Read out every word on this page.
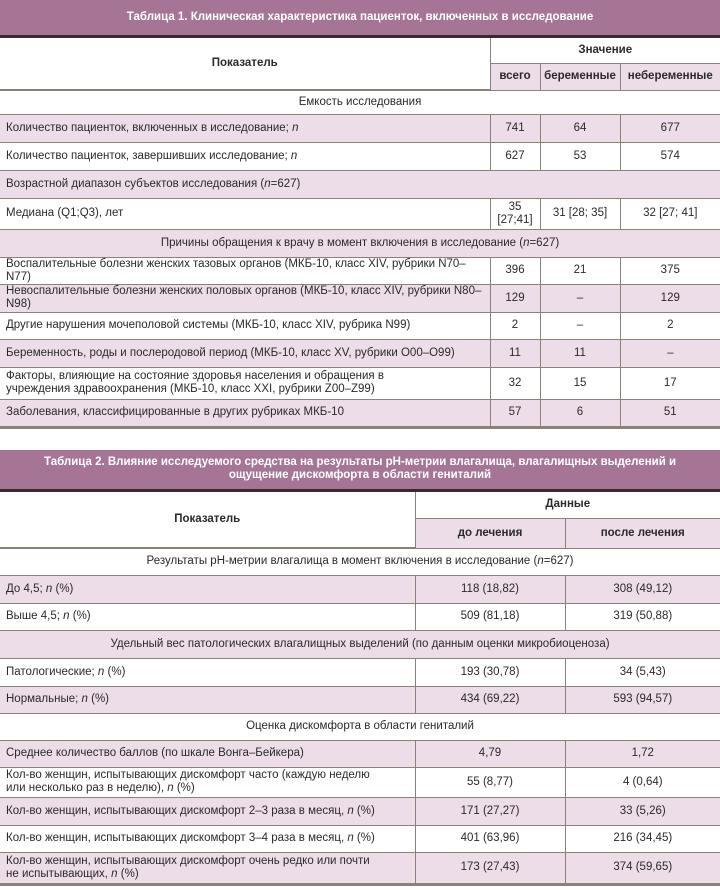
Таблица 1. Клиническая характеристика пациенток, включенных в исследование			
Показатель	Значение		
	всего	беременные	небеременные
Емкость исследования			
Количество пациенток, включенных в исследование; n	741	64	677
Количество пациенток, завершивших исследование; n	627	53	574
Возрастной диапазон субъектов исследования (n=627)			
Медиана (Q1;Q3), лет	35 [27;41]	31 [28; 35]	32 [27; 41]
Причины обращения к врачу в момент включения в исследование (n=627)			
Воспалительные болезни женских тазовых органов (МКБ-10, класс XIV, рубрики N70–N77)	396	21	375
Невоспалительные болезни женских половых органов (МКБ-10, класс XIV, рубрики N80–N98)	129	–	129
Другие нарушения мочеполовой системы (МКБ-10, класс XIV, рубрика N99)	2	–	2
Беременность, роды и послеродовой период (МКБ-10, класс XV, рубрики O00–O99)	11	11	–
Факторы, влияющие на состояние здоровья населения и обращения в учреждения здравоохранения (МКБ-10, класс XXI, рубрики Z00–Z99)	32	15	17
Заболевания, классифицированные в других рубриках МКБ-10	57	6	51
Таблица 2. Влияние исследуемого средства на результаты рН-метрии влагалища, влагалищных выделений и ощущение дискомфорта в области гениталий		
Показатель	Данные	
	до лечения	после лечения
Результаты рН-метрии влагалища в момент включения в исследование (n=627)		
До 4,5; n (%)	118 (18,82)	308 (49,12)
Выше 4,5; n (%)	509 (81,18)	319 (50,88)
Удельный вес патологических влагалищных выделений (по данным оценки микробиоценоза)		
Патологические; n (%)	193 (30,78)	34 (5,43)
Нормальные; n (%)	434 (69,22)	593 (94,57)
Оценка дискомфорта в области гениталий		
Среднее количество баллов (по шкале Вонга–Бейкера)	4,79	1,72
Кол-во женщин, испытывающих дискомфорт часто (каждую неделю или несколько раз в неделю), n (%)	55 (8,77)	4 (0,64)
Кол-во женщин, испытывающих дискомфорт 2–3 раза в месяц, n (%)	171 (27,27)	33 (5,26)
Кол-во женщин, испытывающих дискомфорт 3–4 раза в месяц, n (%)	401 (63,96)	216 (34,45)
Кол-во женщин, испытывающих дискомфорт очень редко или почти не испытывающих, n (%)	173 (27,43)	374 (59,65)
